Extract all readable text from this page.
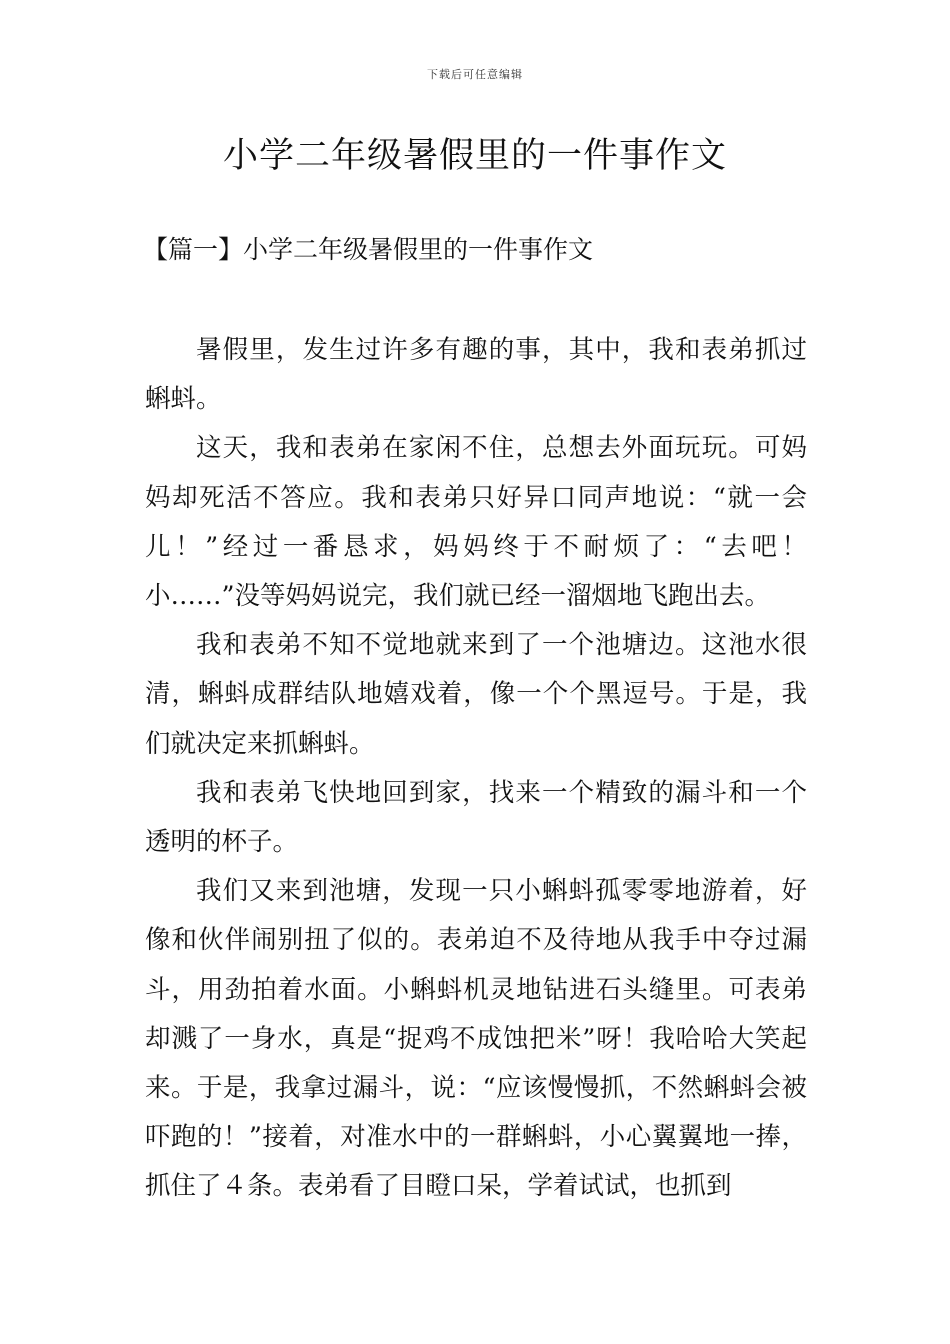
下载后可任意编辑
小学二年级暑假里的一件事作文
【篇一】小学二年级暑假里的一件事作文

暑假里，发生过许多有趣的事，其中，我和表弟抓过蝌蚪。

这天，我和表弟在家闲不住，总想去外面玩玩。可妈妈却死活不答应。我和表弟只好异口同声地说：“就一会儿！”经过一番恳求，妈妈终于不耐烦了：“去吧！小……”没等妈妈说完，我们就已经一溜烟地飞跑出去。

我和表弟不知不觉地就来到了一个池塘边。这池水很清，蝌蚪成群结队地嬉戏着，像一个个黑逗号。于是，我们就决定来抓蝌蚪。

我和表弟飞快地回到家，找来一个精致的漏斗和一个透明的杯子。

我们又来到池塘，发现一只小蝌蚪孤零零地游着，好像和伙伴闹别扭了似的。表弟迫不及待地从我手中夺过漏斗，用劲拍着水面。小蝌蚪机灵地钻进石头缝里。可表弟却溅了一身水，真是“捉鸡不成蚀把米”呀！我哈哈大笑起来。于是，我拿过漏斗，说：“应该慢慢抓，不然蝌蚪会被吓跑的！”接着，对准水中的一群蝌蚪，小心翼翼地一捧，抓住了４条。表弟看了目瞪口呆，学着试试，也抓到
